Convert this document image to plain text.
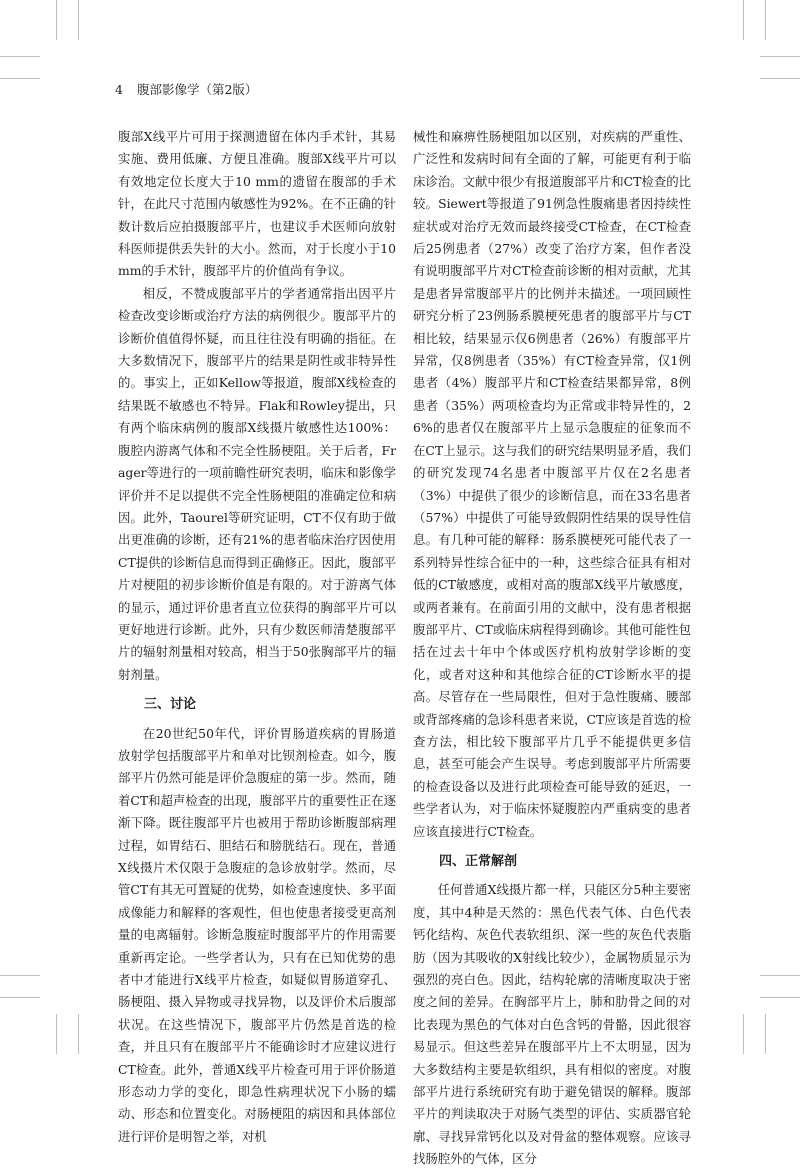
4 腹部影像学（第2版）

腹部X线平片可用于探测遗留在体内手术针，其易实施、费用低廉、方便且准确。腹部X线平片可以有效地定位长度大于10 mm的遗留在腹部的手术针，在此尺寸范围内敏感性为92%。在不正确的针数计数后应拍摄腹部平片，也建议手术医师向放射科医师提供丢失针的大小。然而，对于长度小于10 mm的手术针，腹部平片的价值尚有争议。

相反，不赞成腹部平片的学者通常指出因平片检查改变诊断或治疗方法的病例很少。腹部平片的诊断价值值得怀疑，而且往往没有明确的指征。在大多数情况下，腹部平片的结果是阴性或非特异性的。事实上，正如Kellow等报道，腹部X线检查的结果既不敏感也不特异。Flak和Rowley提出，只有两个临床病例的腹部X线摄片敏感性达100%：腹腔内游离气体和不完全性肠梗阻。关于后者，Frager等进行的一项前瞻性研究表明，临床和影像学评价并不足以提供不完全性肠梗阻的准确定位和病因。此外，Taourel等研究证明，CT不仅有助于做出更准确的诊断，还有21%的患者临床治疗因使用CT提供的诊断信息而得到正确修正。因此，腹部平片对梗阻的初步诊断价值是有限的。对于游离气体的显示，通过评价患者直立位获得的胸部平片可以更好地进行诊断。此外，只有少数医师清楚腹部平片的辐射剂量相对较高，相当于50张胸部平片的辐射剂量。

三、讨论

在20世纪50年代，评价胃肠道疾病的胃肠道放射学包括腹部平片和单对比钡剂检查。如今，腹部平片仍然可能是评价急腹症的第一步。然而，随着CT和超声检查的出现，腹部平片的重要性正在逐渐下降。既往腹部平片也被用于帮助诊断腹部病理过程，如胃结石、胆结石和膀胱结石。现在，普通X线摄片术仅限于急腹症的急诊放射学。然而，尽管CT有其无可置疑的优势，如检查速度快、多平面成像能力和解释的客观性，但也使患者接受更高剂量的电离辐射。诊断急腹症时腹部平片的作用需要重新再定论。一些学者认为，只有在已知优势的患者中才能进行X线平片检查，如疑似胃肠道穿孔、肠梗阻、摄入异物或寻找异物，以及评价术后腹部状况。在这些情况下，腹部平片仍然是首选的检查，并且只有在腹部平片不能确诊时才应建议进行CT检查。此外，普通X线平片检查可用于评价肠道形态动力学的变化，即急性病理状况下小肠的蠕动、形态和位置变化。对肠梗阻的病因和具体部位进行评价是明智之举，对机

械性和麻痹性肠梗阻加以区别，对疾病的严重性、广泛性和发病时间有全面的了解，可能更有利于临床诊治。文献中很少有报道腹部平片和CT检查的比较。Siewert等报道了91例急性腹痛患者因持续性症状或对治疗无效而最终接受CT检查，在CT检查后25例患者（27%）改变了治疗方案，但作者没有说明腹部平片对CT检查前诊断的相对贡献，尤其是患者异常腹部平片的比例并未描述。一项回顾性研究分析了23例肠系膜梗死患者的腹部平片与CT相比较，结果显示仅6例患者（26%）有腹部平片异常，仅8例患者（35%）有CT检查异常，仅1例患者（4%）腹部平片和CT检查结果都异常，8例患者（35%）两项检查均为正常或非特异性的，26%的患者仅在腹部平片上显示急腹症的征象而不在CT上显示。这与我们的研究结果明显矛盾，我们的研究发现74名患者中腹部平片仅在2名患者（3%）中提供了很少的诊断信息，而在33名患者（57%）中提供了可能导致假阴性结果的误导性信息。有几种可能的解释：肠系膜梗死可能代表了一系列特异性综合征中的一种，这些综合征具有相对低的CT敏感度，或相对高的腹部X线平片敏感度，或两者兼有。在前面引用的文献中，没有患者根据腹部平片、CT或临床病程得到确诊。其他可能性包括在过去十年中个体或医疗机构放射学诊断的变化，或者对这种和其他综合征的CT诊断水平的提高。尽管存在一些局限性，但对于急性腹痛、腰部或背部疼痛的急诊科患者来说，CT应该是首选的检查方法，相比较下腹部平片几乎不能提供更多信息，甚至可能会产生误导。考虑到腹部平片所需要的检查设备以及进行此项检查可能导致的延迟，一些学者认为，对于临床怀疑腹腔内严重病变的患者应该直接进行CT检查。

四、正常解剖

任何普通X线摄片都一样，只能区分5种主要密度，其中4种是天然的：黑色代表气体、白色代表钙化结构、灰色代表软组织、深一些的灰色代表脂肪（因为其吸收的X射线比较少），金属物质显示为强烈的亮白色。因此，结构轮廓的清晰度取决于密度之间的差异。在胸部平片上，肺和肋骨之间的对比表现为黑色的气体对白色含钙的骨骼，因此很容易显示。但这些差异在腹部平片上不太明显，因为大多数结构主要是软组织，具有相似的密度。对腹部平片进行系统研究有助于避免错误的解释。腹部平片的判读取决于对肠气类型的评估、实质器官轮廓、寻找异常钙化以及对骨盆的整体观察。应该寻找肠腔外的气体，区分
